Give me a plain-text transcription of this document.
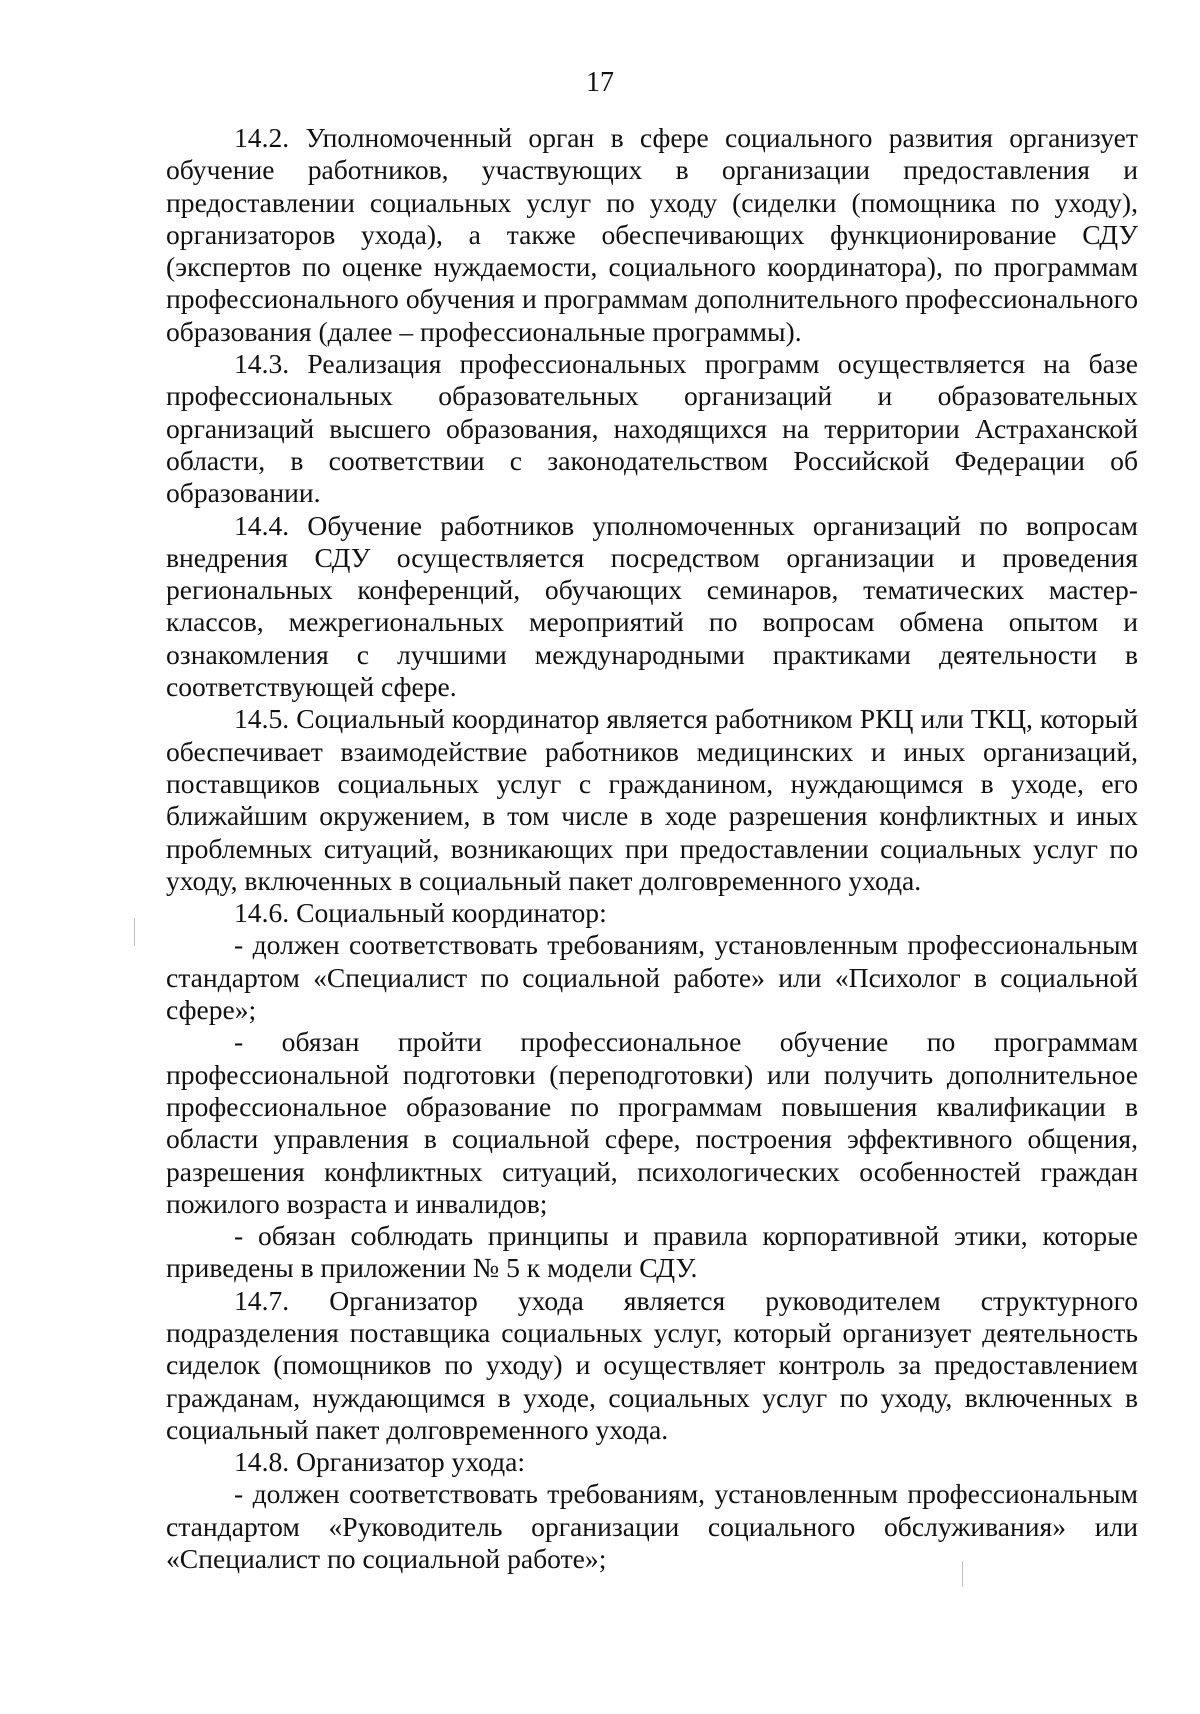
17

14.2. Уполномоченный орган в сфере социального развития организует обучение работников, участвующих в организации предоставления и предоставлении социальных услуг по уходу (сиделки (помощника по уходу), организаторов ухода), а также обеспечивающих функционирование СДУ (экспертов по оценке нуждаемости, социального координатора), по программам профессионального обучения и программам дополнительного профессионального образования (далее – профессиональные программы).

14.3. Реализация профессиональных программ осуществляется на базе профессиональных образовательных организаций и образовательных организаций высшего образования, находящихся на территории Астраханской области, в соответствии с законодательством Российской Федерации об образовании.

14.4. Обучение работников уполномоченных организаций по вопросам внедрения СДУ осуществляется посредством организации и проведения региональных конференций, обучающих семинаров, тематических мастер-классов, межрегиональных мероприятий по вопросам обмена опытом и ознакомления с лучшими международными практиками деятельности в соответствующей сфере.

14.5. Социальный координатор является работником РКЦ или ТКЦ, который обеспечивает взаимодействие работников медицинских и иных организаций, поставщиков социальных услуг с гражданином, нуждающимся в уходе, его ближайшим окружением, в том числе в ходе разрешения конфликтных и иных проблемных ситуаций, возникающих при предоставлении социальных услуг по уходу, включенных в социальный пакет долговременного ухода.

14.6. Социальный координатор:

- должен соответствовать требованиям, установленным профессиональным стандартом «Специалист по социальной работе» или «Психолог в социальной сфере»;

- обязан пройти профессиональное обучение по программам профессиональной подготовки (переподготовки) или получить дополнительное профессиональное образование по программам повышения квалификации в области управления в социальной сфере, построения эффективного общения, разрешения конфликтных ситуаций, психологических особенностей граждан пожилого возраста и инвалидов;

- обязан соблюдать принципы и правила корпоративной этики, которые приведены в приложении № 5 к модели СДУ.

14.7. Организатор ухода является руководителем структурного подразделения поставщика социальных услуг, который организует деятельность сиделок (помощников по уходу) и осуществляет контроль за предоставлением гражданам, нуждающимся в уходе, социальных услуг по уходу, включенных в социальный пакет долговременного ухода.

14.8. Организатор ухода:

- должен соответствовать требованиям, установленным профессиональным стандартом «Руководитель организации социального обслуживания» или «Специалист по социальной работе»;
